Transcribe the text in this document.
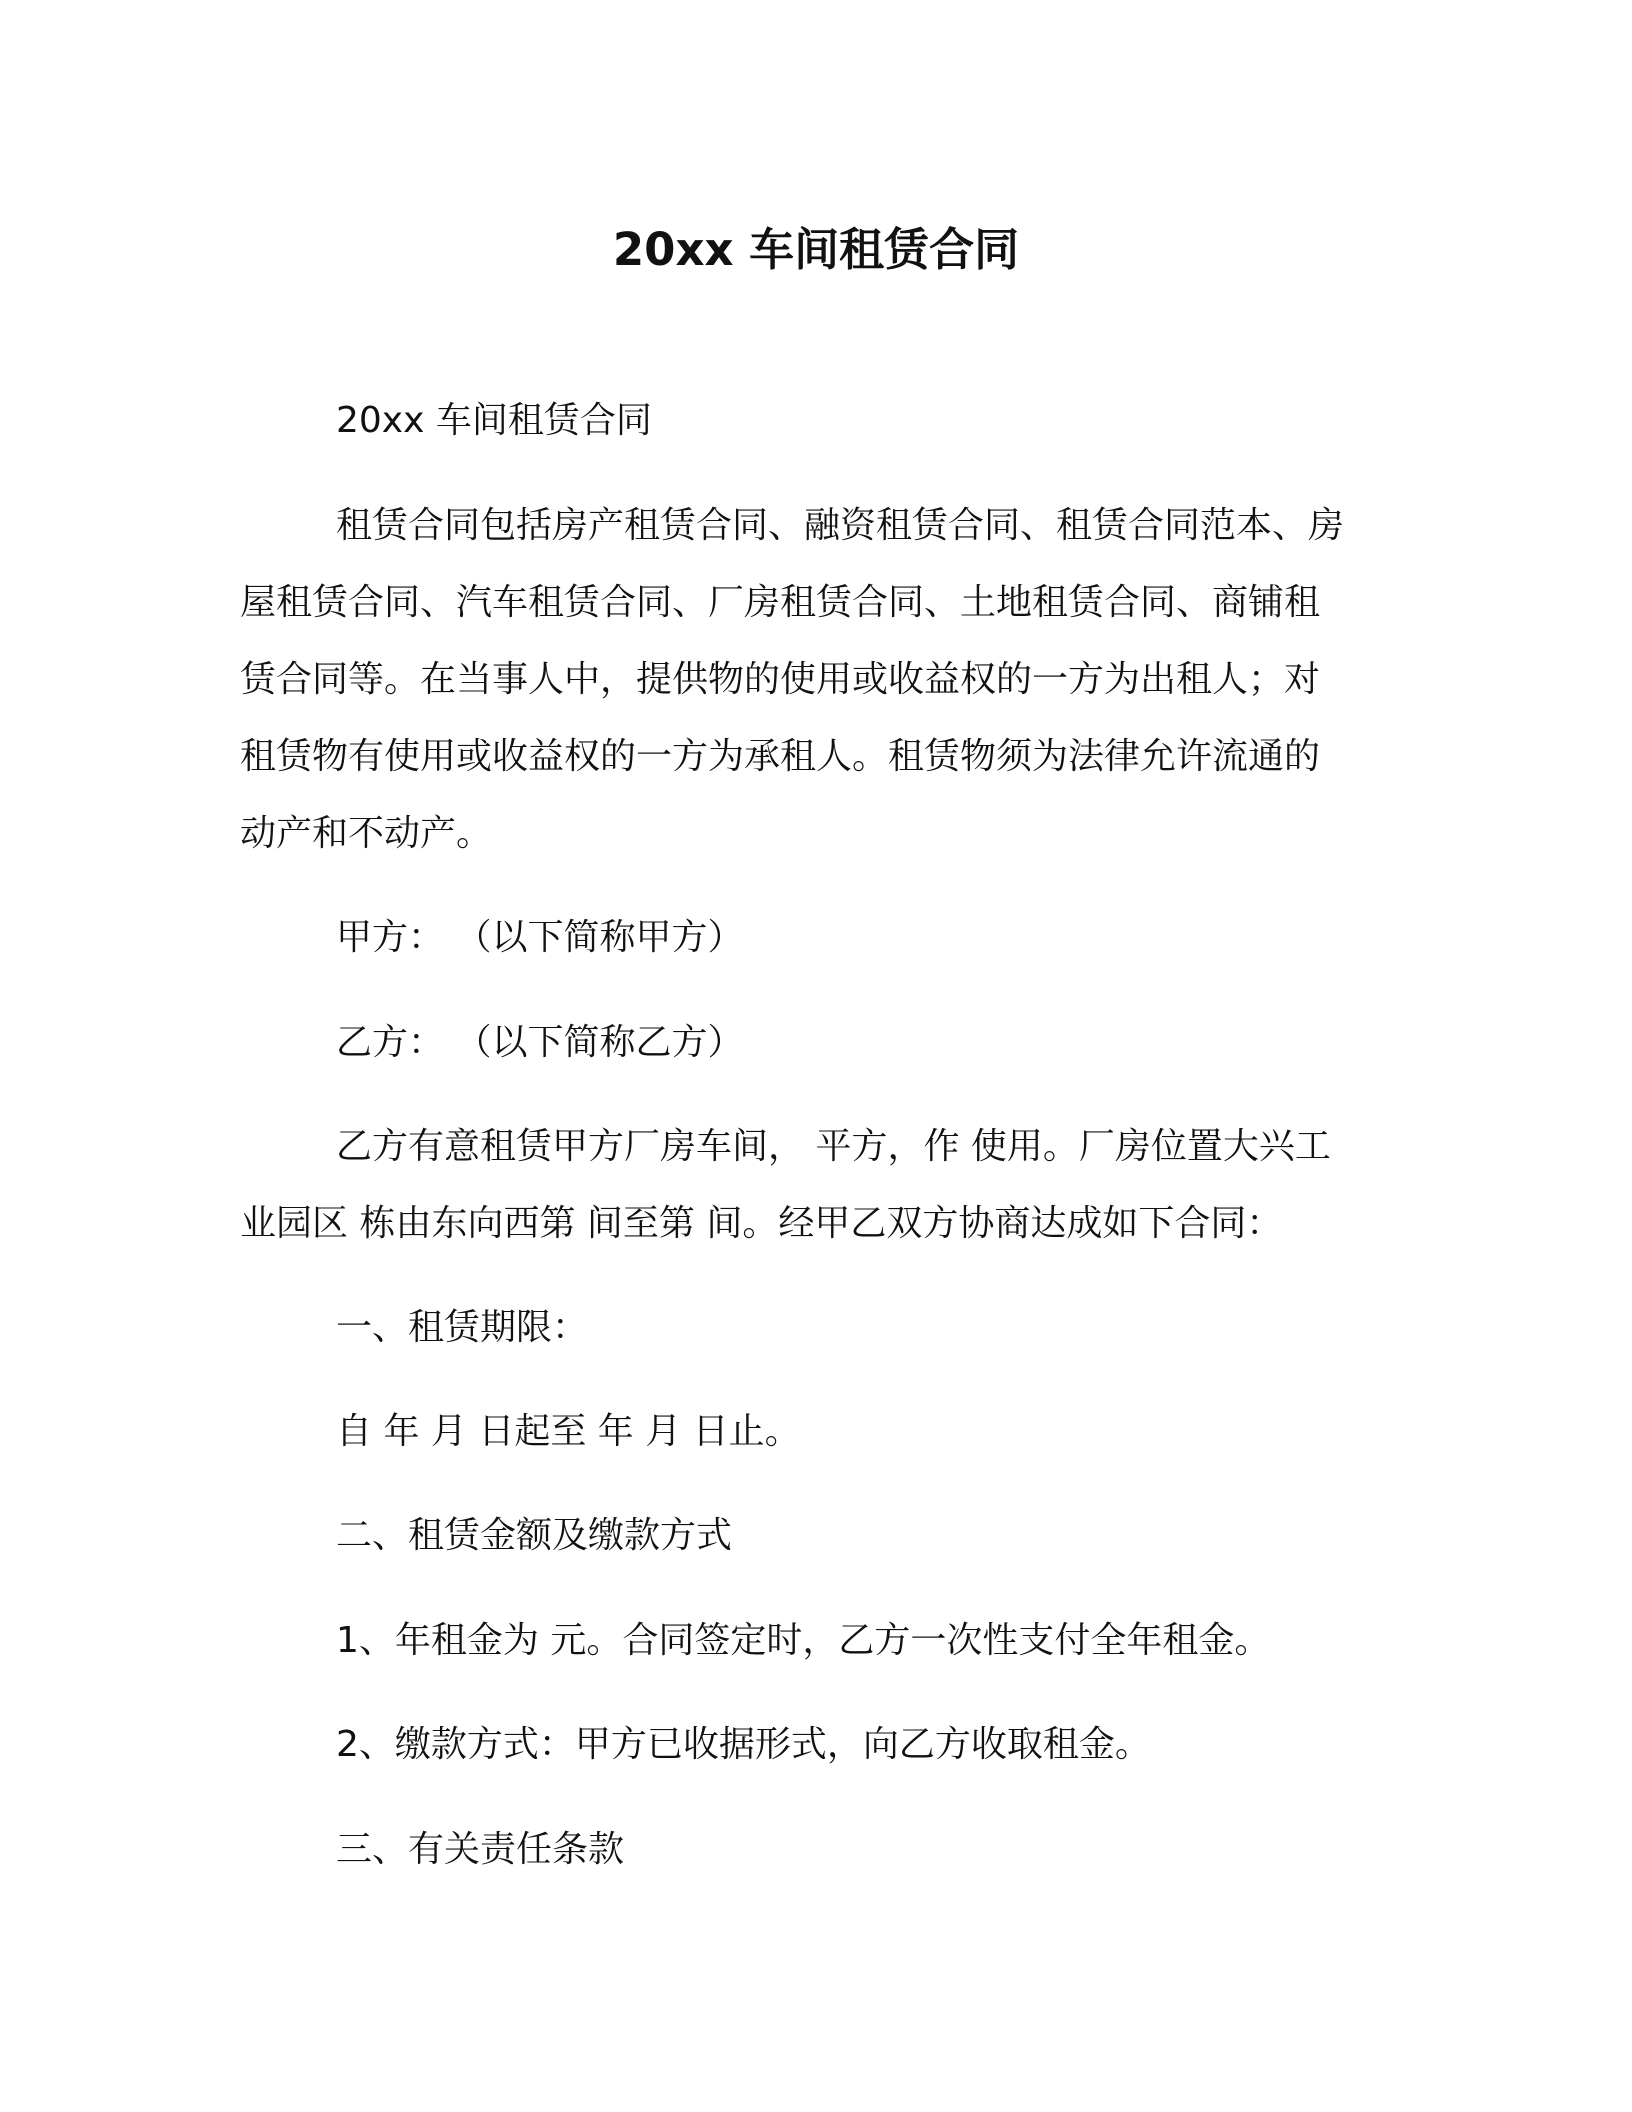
20xx 车间租赁合同
20xx 车间租赁合同
租赁合同包括房产租赁合同、融资租赁合同、租赁合同范本、房
屋租赁合同、汽车租赁合同、厂房租赁合同、土地租赁合同、商铺租
赁合同等。在当事人中，提供物的使用或收益权的一方为出租人；对
租赁物有使用或收益权的一方为承租人。租赁物须为法律允许流通的
动产和不动产。
甲方： （以下简称甲方）
乙方： （以下简称乙方）
乙方有意租赁甲方厂房车间， 平方，作 使用。厂房位置大兴工
业园区 栋由东向西第 间至第 间。经甲乙双方协商达成如下合同：
一、租赁期限：
自 年 月 日起至 年 月 日止。
二、租赁金额及缴款方式
1、年租金为 元。合同签定时，乙方一次性支付全年租金。
2、缴款方式：甲方已收据形式，向乙方收取租金。
三、有关责任条款
